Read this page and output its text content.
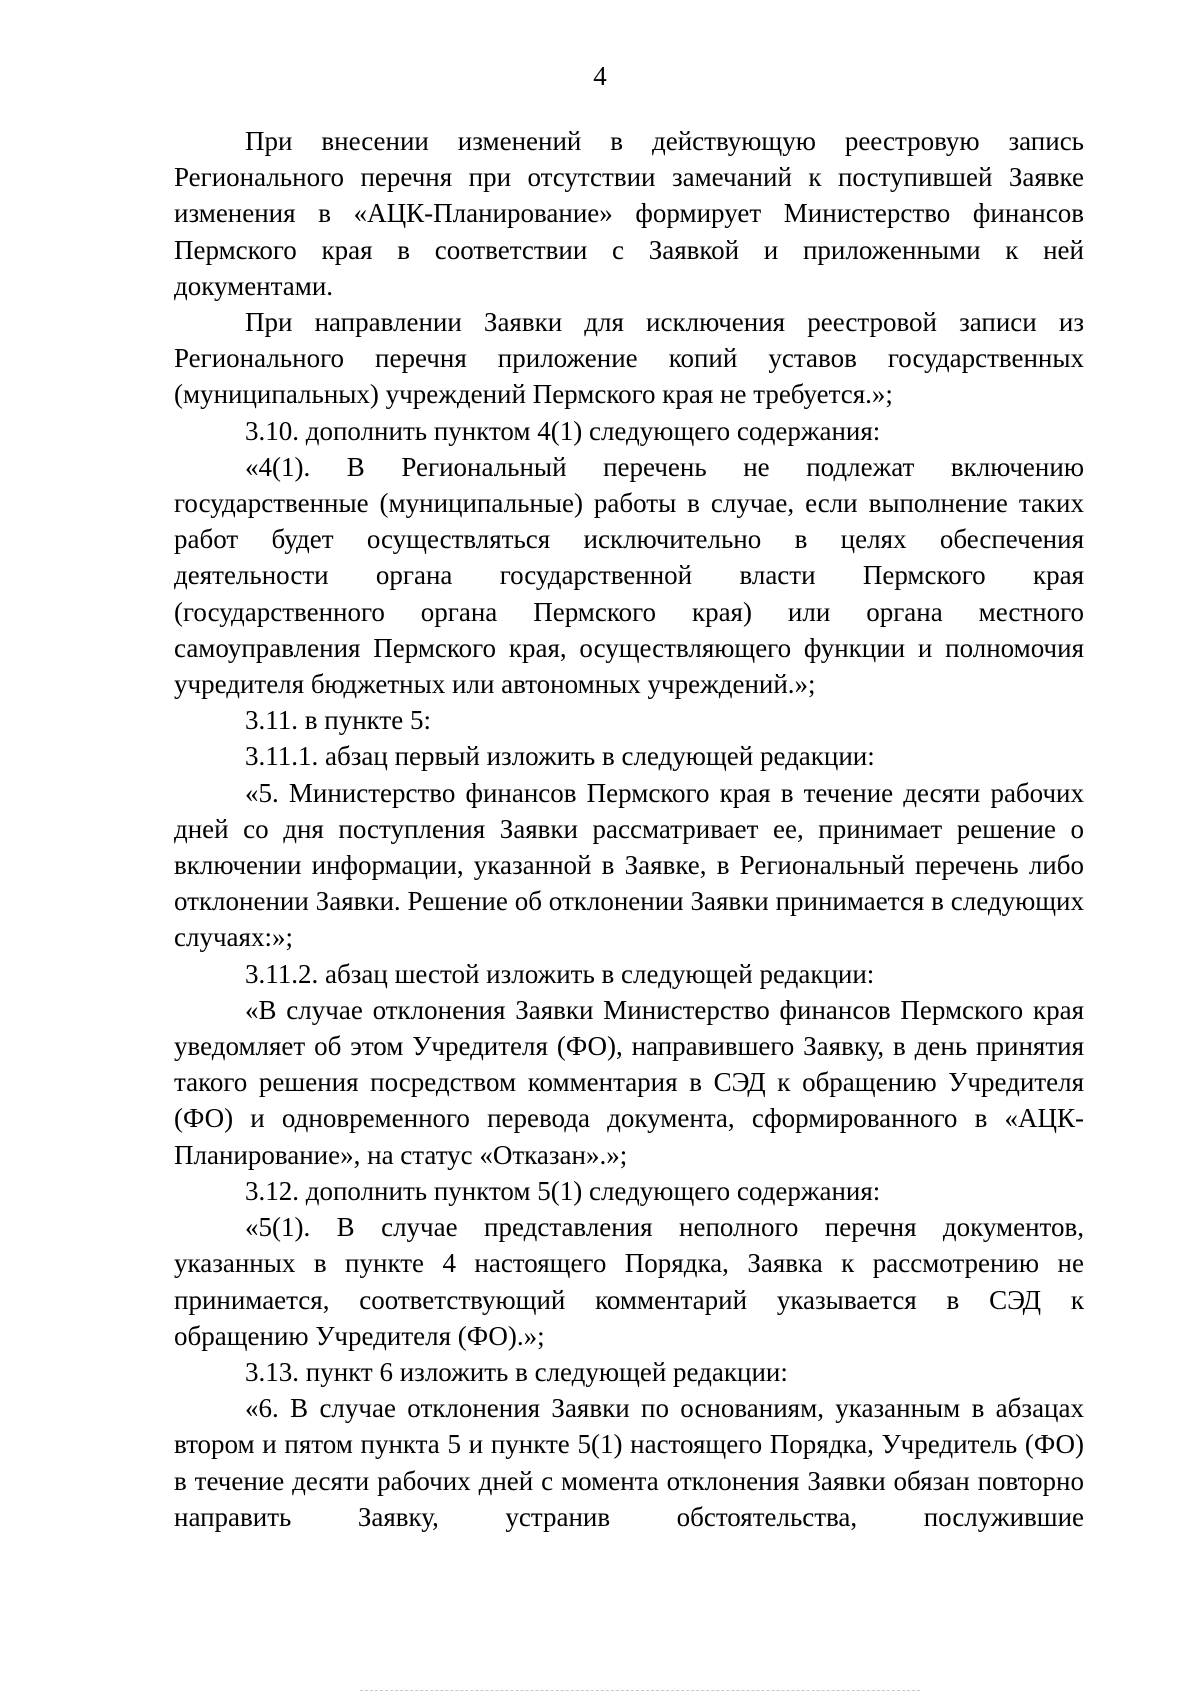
4

При внесении изменений в действующую реестровую запись Регионального перечня при отсутствии замечаний к поступившей Заявке изменения в «АЦК-Планирование» формирует Министерство финансов Пермского края в соответствии с Заявкой и приложенными к ней документами.

При направлении Заявки для исключения реестровой записи из Регионального перечня приложение копий уставов государственных (муниципальных) учреждений Пермского края не требуется.»;

3.10. дополнить пунктом 4(1) следующего содержания:

«4(1). В Региональный перечень не подлежат включению государственные (муниципальные) работы в случае, если выполнение таких работ будет осуществляться исключительно в целях обеспечения деятельности органа государственной власти Пермского края (государственного органа Пермского края) или органа местного самоуправления Пермского края, осуществляющего функции и полномочия учредителя бюджетных или автономных учреждений.»;

3.11. в пункте 5:

3.11.1. абзац первый изложить в следующей редакции:

«5. Министерство финансов Пермского края в течение десяти рабочих дней со дня поступления Заявки рассматривает ее, принимает решение о включении информации, указанной в Заявке, в Региональный перечень либо отклонении Заявки. Решение об отклонении Заявки принимается в следующих случаях:»;

3.11.2. абзац шестой изложить в следующей редакции:

«В случае отклонения Заявки Министерство финансов Пермского края уведомляет об этом Учредителя (ФО), направившего Заявку, в день принятия такого решения посредством комментария в СЭД к обращению Учредителя (ФО) и одновременного перевода документа, сформированного в «АЦК-Планирование», на статус «Отказан».»;

3.12. дополнить пунктом 5(1) следующего содержания:

«5(1). В случае представления неполного перечня документов, указанных в пункте 4 настоящего Порядка, Заявка к рассмотрению не принимается, соответствующий комментарий указывается в СЭД к обращению Учредителя (ФО).»;

3.13. пункт 6 изложить в следующей редакции:

«6. В случае отклонения Заявки по основаниям, указанным в абзацах втором и пятом пункта 5 и пункте 5(1) настоящего Порядка, Учредитель (ФО) в течение десяти рабочих дней с момента отклонения Заявки обязан повторно направить Заявку, устранив обстоятельства, послужившие
